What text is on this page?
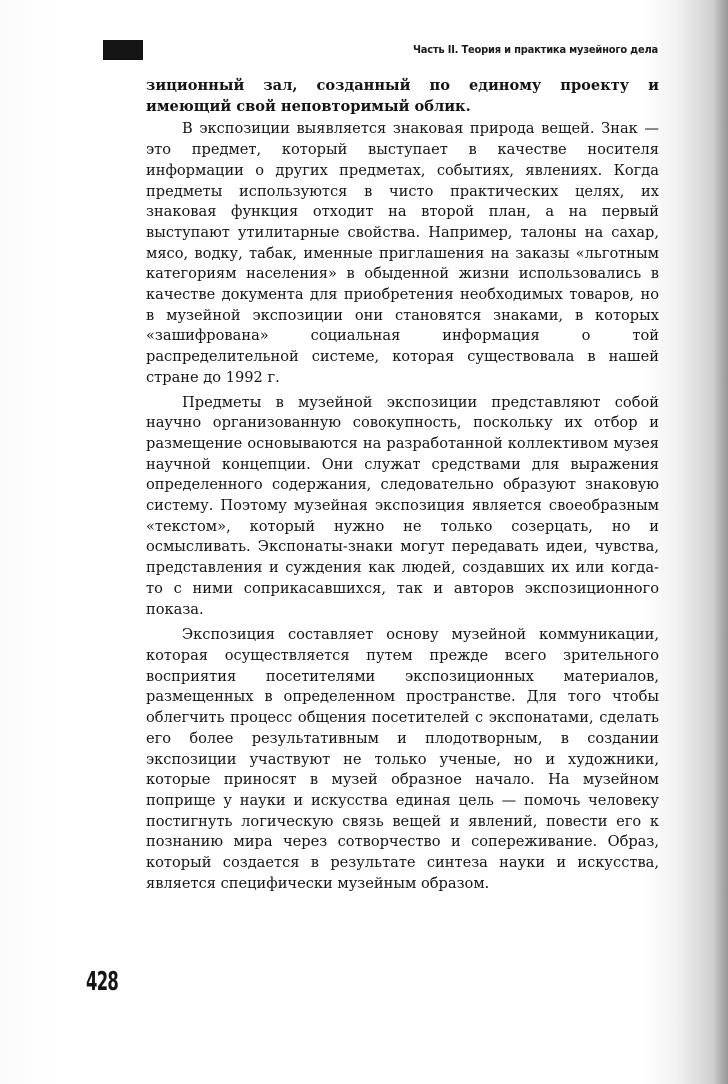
Часть II. Теория и практика музейного дела

зиционный зал, созданный по единому проекту и имеющий свой неповторимый облик.

В экспозиции выявляется знаковая природа вещей. Знак — это предмет, который выступает в качестве носителя информации о других предметах, событиях, явлениях. Когда предметы используются в чисто практических целях, их знаковая функция отходит на второй план, а на первый выступают утилитарные свойства. Например, талоны на сахар, мясо, водку, табак, именные приглашения на заказы «льготным категориям населения» в обыденной жизни использовались в качестве документа для приобретения необходимых товаров, но в музейной экспозиции они становятся знаками, в которых «зашифрована» социальная информация о той распределительной системе, которая существовала в нашей стране до 1992 г.

Предметы в музейной экспозиции представляют собой научно организованную совокупность, поскольку их отбор и размещение основываются на разработанной коллективом музея научной концепции. Они служат средствами для выражения определенного содержания, следовательно образуют знаковую систему. Поэтому музейная экспозиция является своеобразным «текстом», который нужно не только созерцать, но и осмысливать. Экспонаты-знаки могут передавать идеи, чувства, представления и суждения как людей, создавших их или когда-то с ними соприкасавшихся, так и авторов экспозиционного показа.

Экспозиция составляет основу музейной коммуникации, которая осуществляется путем прежде всего зрительного восприятия посетителями экспозиционных материалов, размещенных в определенном пространстве. Для того чтобы облегчить процесс общения посетителей с экспонатами, сделать его более результативным и плодотворным, в создании экспозиции участвуют не только ученые, но и художники, которые приносят в музей образное начало. На музейном поприще у науки и искусства единая цель — помочь человеку постигнуть логическую связь вещей и явлений, повести его к познанию мира через сотворчество и сопереживание. Образ, который создается в результате синтеза науки и искусства, является специфически музейным образом.

428
